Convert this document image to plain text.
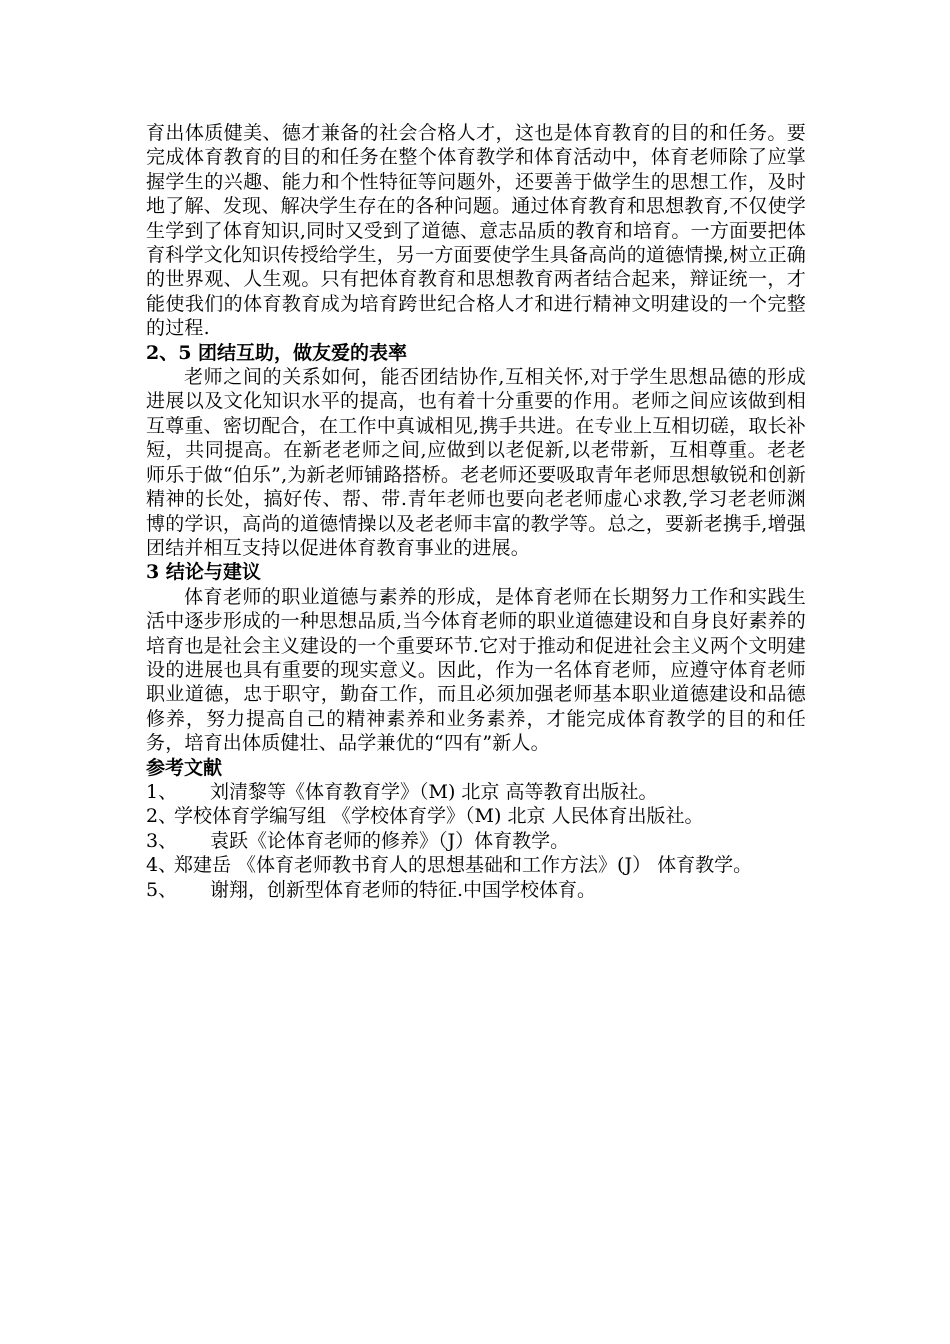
育出体质健美、德才兼备的社会合格人才，这也是体育教育的目的和任务。要完成体育教育的目的和任务在整个体育教学和体育活动中，体育老师除了应掌握学生的兴趣、能力和个性特征等问题外，还要善于做学生的思想工作，及时地了解、发现、解决学生存在的各种问题。通过体育教育和思想教育,不仅使学生学到了体育知识,同时又受到了道德、意志品质的教育和培育。一方面要把体育科学文化知识传授给学生，另一方面要使学生具备高尚的道德情操,树立正确的世界观、人生观。只有把体育教育和思想教育两者结合起来，辩证统一，才能使我们的体育教育成为培育跨世纪合格人才和进行精神文明建设的一个完整的过程.

2、5 团结互助，做友爱的表率

老师之间的关系如何，能否团结协作,互相关怀,对于学生思想品德的形成进展以及文化知识水平的提高，也有着十分重要的作用。老师之间应该做到相互尊重、密切配合，在工作中真诚相见,携手共进。在专业上互相切磋，取长补短，共同提高。在新老老师之间,应做到以老促新,以老带新，互相尊重。老老师乐于做“伯乐”,为新老师铺路搭桥。老老师还要吸取青年老师思想敏锐和创新精神的长处，搞好传、帮、带.青年老师也要向老老师虚心求教,学习老老师渊博的学识，高尚的道德情操以及老老师丰富的教学等。总之，要新老携手,增强团结并相互支持以促进体育教育事业的进展。

3 结论与建议

体育老师的职业道德与素养的形成，是体育老师在长期努力工作和实践生活中逐步形成的一种思想品质,当今体育老师的职业道德建设和自身良好素养的培育也是社会主义建设的一个重要环节.它对于推动和促进社会主义两个文明建设的进展也具有重要的现实意义。因此，作为一名体育老师，应遵守体育老师职业道德，忠于职守，勤奋工作，而且必须加强老师基本职业道德建设和品德修养，努力提高自己的精神素养和业务素养，才能完成体育教学的目的和任务，培育出体质健壮、品学兼优的“四有”新人。

参考文献

1、	刘清黎等《体育教育学》（M) 北京 高等教育出版社。
2、
学校体育学编写组 《学校体育学》（M) 北京 人民体育出版社。
3、	袁跃《论体育老师的修养》（J）体育教学。
4、
郑建岳 《体育老师教书育人的思想基础和工作方法》(J） 体育教学。
5、	谢翔，创新型体育老师的特征.中国学校体育。
